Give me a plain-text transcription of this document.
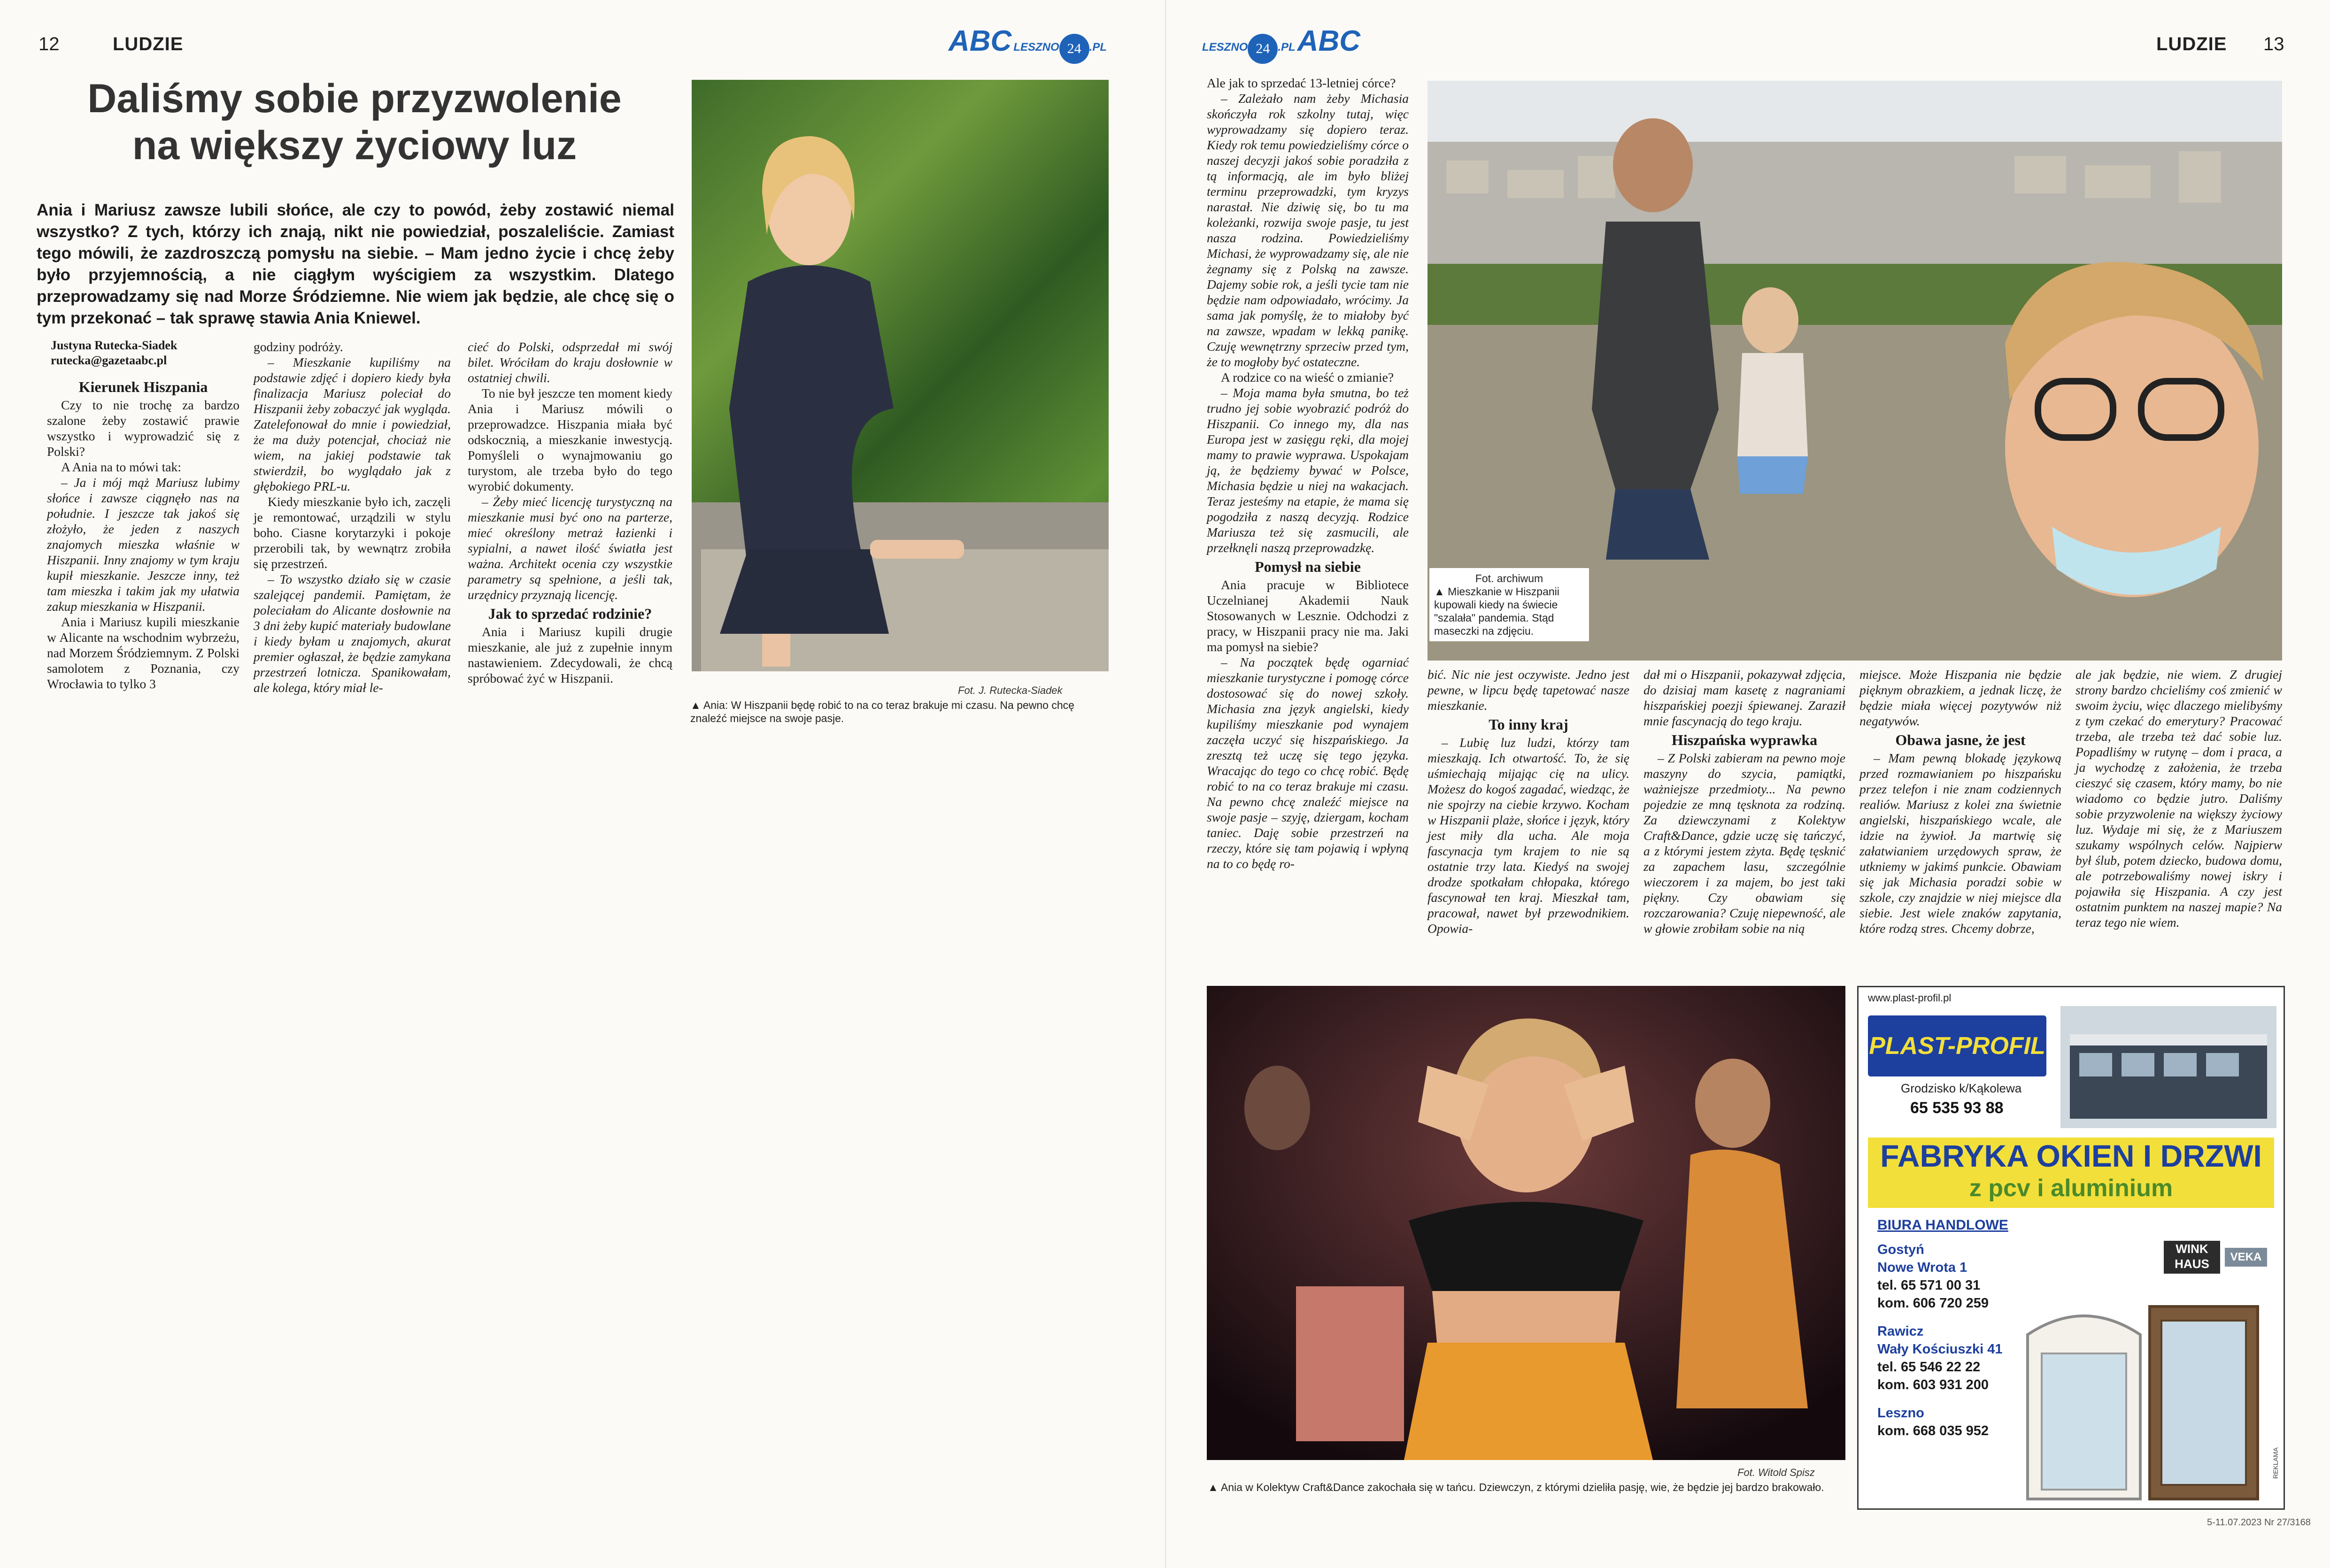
12	LUDZIE	ABC LESZNO 24 .PL
Daliśmy sobie przyzwolenie
na większy życiowy luz
Ania i Mariusz zawsze lubili słońce, ale czy to powód, żeby zostawić niemal wszystko? Z tych, którzy ich znają, nikt nie powiedział, poszaleliście. Zamiast tego mówili, że zazdroszczą pomysłu na siebie. – Mam jedno życie i chcę żeby było przyjemnością, a nie ciągłym wyścigiem za wszystkim. Dlatego przeprowadzamy się nad Morze Śródziemne. Nie wiem jak będzie, ale chcę się o tym przekonać – tak sprawę stawia Ania Kniewel.
Fot. J. Rutecka-Siadek
▲ Ania: W Hiszpanii będę robić to na co teraz brakuje mi czasu. Na pewno chcę znaleźć miejsce na swoje pasje.
Justyna Rutecka-Siadek
rutecka@gazetaabc.pl
Kierunek Hiszpania

Czy to nie trochę za bardzo szalone żeby zostawić prawie wszystko i wyprowadzić się z Polski?

A Ania na to mówi tak:

– Ja i mój mąż Mariusz lubimy słońce i zawsze ciągnęło nas na południe. I jeszcze tak jakoś się złożyło, że jeden z naszych znajomych mieszka właśnie w Hiszpanii. Inny znajomy w tym kraju kupił mieszkanie. Jeszcze inny, też tam mieszka i takim jak my ułatwia zakup mieszkania w Hiszpanii.

Ania i Mariusz kupili mieszkanie w Alicante na wschodnim wybrzeżu, nad Morzem Śródziemnym. Z Polski samolotem z Poznania, czy Wrocławia to tylko 3

godziny podróży.

– Mieszkanie kupiliśmy na podstawie zdjęć i dopiero kiedy była finalizacja Mariusz poleciał do Hiszpanii żeby zobaczyć jak wygląda. Zatelefonował do mnie i powiedział, że ma duży potencjał, chociaż nie wiem, na jakiej podstawie tak stwierdził, bo wyglądało jak z głębokiego PRL-u.

Kiedy mieszkanie było ich, zaczęli je remontować, urządzili w stylu boho. Ciasne korytarzyki i pokoje przerobili tak, by wewnątrz zrobiła się przestrzeń.

– To wszystko działo się w czasie szalejącej pandemii. Pamiętam, że poleciałam do Alicante dosłownie na 3 dni żeby kupić materiały budowlane i kiedy byłam u znajomych, akurat premier ogłaszał, że będzie zamykana przestrzeń lotnicza. Spanikowałam, ale kolega, który miał le-

cieć do Polski, odsprzedał mi swój bilet. Wróciłam do kraju dosłownie w ostatniej chwili.

To nie był jeszcze ten moment kiedy Ania i Mariusz mówili o przeprowadzce. Hiszpania miała być odskocznią, a mieszkanie inwestycją. Pomyśleli o wynajmowaniu go turystom, ale trzeba było do tego wyrobić dokumenty.

– Żeby mieć licencję turystyczną na mieszkanie musi być ono na parterze, mieć określony metraż łazienki i sypialni, a nawet ilość światła jest ważna. Architekt ocenia czy wszystkie parametry są spełnione, a jeśli tak, urzędnicy przyznają licencję.

Jak to sprzedać rodzinie?

Ania i Mariusz kupili drugie mieszkanie, ale już z zupełnie innym nastawieniem. Zdecydowali, że chcą spróbować żyć w Hiszpanii.

LESZNO 24 .PL ABC	LUDZIE 13

Ale jak to sprzedać 13-letniej córce?

– Zależało nam żeby Michasia skończyła rok szkolny tutaj, więc wyprowadzamy się dopiero teraz. Kiedy rok temu powiedzieliśmy córce o naszej decyzji jakoś sobie poradziła z tą informacją, ale im było bliżej terminu przeprowadzki, tym kryzys narastał. Nie dziwię się, bo tu ma koleżanki, rozwija swoje pasje, tu jest nasza rodzina. Powiedzieliśmy Michasi, że wyprowadzamy się, ale nie żegnamy się z Polską na zawsze. Dajemy sobie rok, a jeśli tycie tam nie będzie nam odpowiadało, wrócimy. Ja sama jak pomyślę, że to miałoby być na zawsze, wpadam w lekką panikę. Czuję wewnętrzny sprzeciw przed tym, że to mogłoby być ostateczne.

A rodzice co na wieść o zmianie?

– Moja mama była smutna, bo też trudno jej sobie wyobrazić podróż do Hiszpanii. Co innego my, dla nas Europa jest w zasięgu ręki, dla mojej mamy to prawie wyprawa. Uspokajam ją, że będziemy bywać w Polsce, Michasia będzie u niej na wakacjach. Teraz jesteśmy na etapie, że mama się pogodziła z naszą decyzją. Rodzice Mariusza też się zasmucili, ale przełknęli naszą przeprowadzkę.

Pomysł na siebie

Ania pracuje w Bibliotece Uczelnianej Akademii Nauk Stosowanych w Lesznie. Odchodzi z pracy, w Hiszpanii pracy nie ma. Jaki ma pomysł na siebie?

– Na początek będę ogarniać mieszkanie turystyczne i pomogę córce dostosować się do nowej szkoły. Michasia zna język angielski, kiedy kupiliśmy mieszkanie pod wynajem zaczęła uczyć się hiszpańskiego. Ja zresztą też uczę się tego języka. Wracając do tego co chcę robić. Będę robić to na co teraz brakuje mi czasu. Na pewno chcę znaleźć miejsce na swoje pasje – szyję, dziergam, kocham taniec. Daję sobie przestrzeń na rzeczy, które się tam pojawią i wpłyną na to co będę ro-

Fot. archiwum
▲ Mieszkanie w Hiszpanii kupowali kiedy na świecie "szalała" pandemia. Stąd maseczki na zdjęciu.

bić. Nic nie jest oczywiste. Jedno jest pewne, w lipcu będę tapetować nasze mieszkanie.

To inny kraj

– Lubię luz ludzi, którzy tam mieszkają. Ich otwartość. To, że się uśmiechają mijając cię na ulicy. Możesz do kogoś zagadać, wiedząc, że nie spojrzy na ciebie krzywo. Kocham w Hiszpanii plaże, słońce i język, który jest miły dla ucha. Ale moja fascynacja tym krajem to nie są ostatnie trzy lata. Kiedyś na swojej drodze spotkałam chłopaka, którego fascynował ten kraj. Mieszkał tam, pracował, nawet był przewodnikiem. Opowia-

dał mi o Hiszpanii, pokazywał zdjęcia, do dzisiaj mam kasetę z nagraniami hiszpańskiej poezji śpiewanej. Zaraził mnie fascynacją do tego kraju.

Hiszpańska wyprawka

– Z Polski zabieram na pewno moje maszyny do szycia, pamiątki, ważniejsze przedmioty... Na pewno pojedzie ze mną tęsknota za rodziną. Za dziewczynami z Kolektyw Craft&Dance, gdzie uczę się tańczyć, a z którymi jestem zżyta. Będę tęsknić za zapachem lasu, szczególnie wieczorem i za majem, bo jest taki piękny. Czy obawiam się rozczarowania? Czuję niepewność, ale w głowie zrobiłam sobie na nią

miejsce. Może Hiszpania nie będzie pięknym obrazkiem, a jednak liczę, że będzie miała więcej pozytywów niż negatywów.

Obawa jasne, że jest

– Mam pewną blokadę językową przed rozmawianiem po hiszpańsku przez telefon i nie znam codziennych realiów. Mariusz z kolei zna świetnie angielski, hiszpańskiego wcale, ale idzie na żywioł. Ja martwię się załatwianiem urzędowych spraw, że utkniemy w jakimś punkcie. Obawiam się jak Michasia poradzi sobie w szkole, czy znajdzie w niej miejsce dla siebie. Jest wiele znaków zapytania, które rodzą stres. Chcemy dobrze,

ale jak będzie, nie wiem. Z drugiej strony bardzo chcieliśmy coś zmienić w swoim życiu, więc dlaczego mielibyśmy z tym czekać do emerytury? Pracować trzeba, ale trzeba też dać sobie luz. Popadliśmy w rutynę – dom i praca, a ja wychodzę z założenia, że trzeba cieszyć się czasem, który mamy, bo nie wiadomo co będzie jutro. Daliśmy sobie przyzwolenie na większy życiowy luz. Wydaje mi się, że z Mariuszem szukamy wspólnych celów. Najpierw był ślub, potem dziecko, budowa domu, ale potrzebowaliśmy nowej iskry i pojawiła się Hiszpania. A czy jest ostatnim punktem na naszej mapie? Na teraz tego nie wiem.

Fot. Witold Spisz
▲ Ania w Kolektyw Craft&Dance zakochała się w tańcu. Dziewczyn, z którymi dzieliła pasję, wie, że będzie jej bardzo brakowało.
www.plast-profil.pl
PLAST-PROFIL
Grodzisko k/Kąkolewa
65 535 93 88
FABRYKA OKIEN I DRZWI
z pcv i aluminium
BIURA HANDLOWE
WINK
HAUS	VEKA
Gostyń
Nowe Wrota 1
tel. 65 571 00 31
kom. 606 720 259
Rawicz
Wały Kościuszki 41
tel. 65 546 22 22
kom. 603 931 200
Leszno
kom. 668 035 952
REKLAMA
5-11.07.2023 Nr 27/3168
